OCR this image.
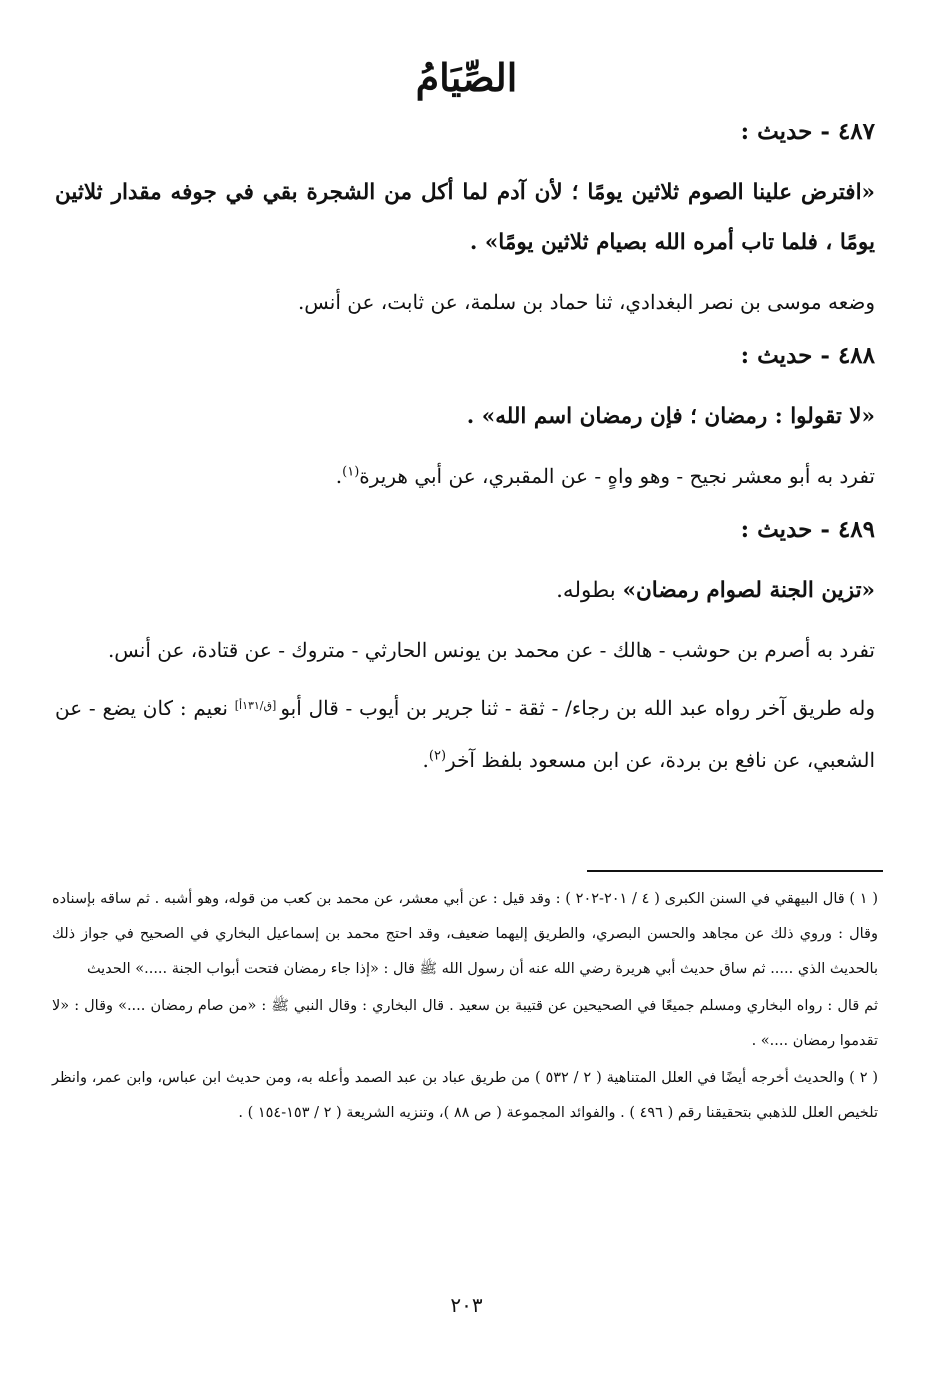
الصِّيَامُ
٤٨٧ - حديث :
«افترض علينا الصوم ثلاثين يومًا ؛ لأن آدم لما أكل من الشجرة بقي في جوفه مقدار ثلاثين يومًا ، فلما تاب أمره الله بصيام ثلاثين يومًا» .
وضعه موسى بن نصر البغدادي، ثنا حماد بن سلمة، عن ثابت، عن أنس.
٤٨٨ - حديث :
«لا تقولوا : رمضان ؛ فإن رمضان اسم الله» .
تفرد به أبو معشر نجيح - وهو واهٍ - عن المقبري، عن أبي هريرة$^{(١)}$.
٤٨٩ - حديث :
«تزين الجنة لصوام رمضان» بطوله.
تفرد به أصرم بن حوشب - هالك - عن محمد بن يونس الحارثي - متروك - عن قتادة، عن أنس.
وله طريق آخر رواه عبد الله بن رجاء/ - ثقة - ثنا جرير بن أيوب - قال أبو[ق/١٣١أ] نعيم : كان يضع - عن الشعبي، عن نافع بن بردة، عن ابن مسعود بلفظ آخر$^{(٢)}$.
( ١ ) قال البيهقي في السنن الكبرى ( ٤ / ٢٠١-٢٠٢ ) : وقد قيل : عن أبي معشر، عن محمد بن كعب من قوله، وهو أشبه . ثم ساقه بإسناده وقال : وروي ذلك عن مجاهد والحسن البصري، والطريق إليهما ضعيف، وقد احتج محمد بن إسماعيل البخاري في الصحيح في جواز ذلك بالحديث الذي ..... ثم ساق حديث أبي هريرة رضي الله عنه أن رسول الله ﷺ قال : «إذا جاء رمضان فتحت أبواب الجنة .....» الحديث
ثم قال : رواه البخاري ومسلم جميعًا في الصحيحين عن قتيبة بن سعيد . قال البخاري : وقال النبي ﷺ : «من صام رمضان ....» وقال : «لا تقدموا رمضان ....» .
( ٢ ) والحديث أخرجه أيضًا في العلل المتناهية ( ٢ / ٥٣٢ ) من طريق عباد بن عبد الصمد وأعله به، ومن حديث ابن عباس، وابن عمر، وانظر تلخيص العلل للذهبي بتحقيقنا رقم ( ٤٩٦ ) . والفوائد المجموعة ( ص ٨٨ )، وتنزيه الشريعة ( ٢ / ١٥٣-١٥٤ ) .
٢٠٣
